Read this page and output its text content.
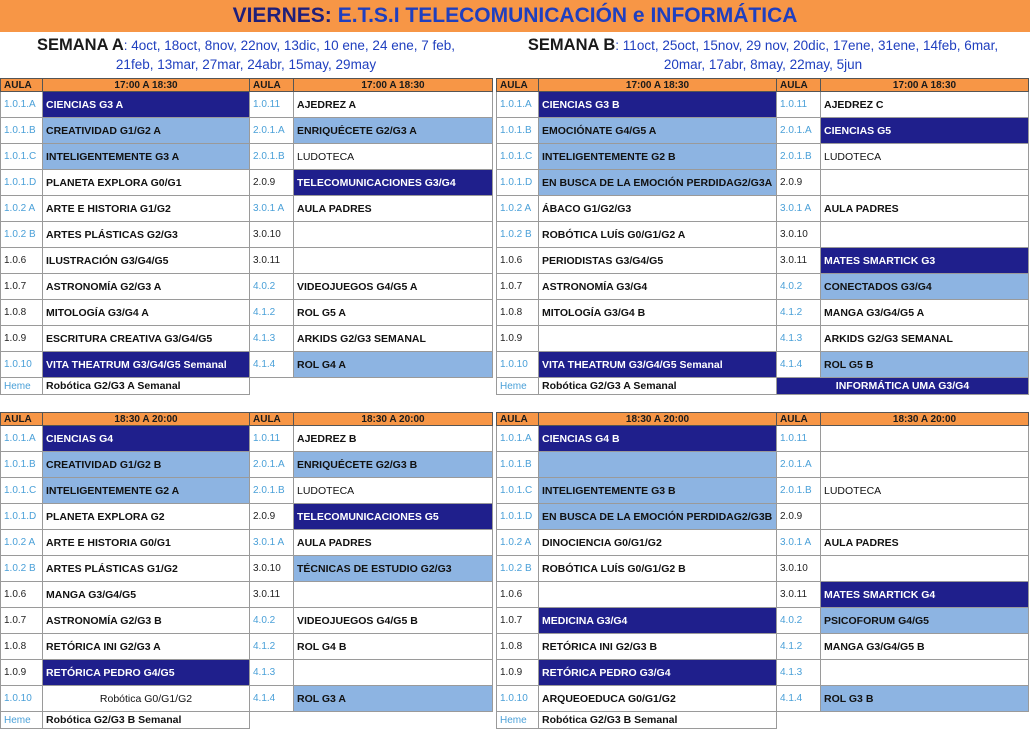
VIERNES: E.T.S.I TELECOMUNICACIÓN e INFORMÁTICA
SEMANA A: 4oct, 18oct, 8nov, 22nov, 13dic, 10 ene, 24 ene, 7 feb,
21feb, 13mar, 27mar, 24abr, 15may, 29may
SEMANA B: 11oct, 25oct, 15nov, 29 nov, 20dic, 17ene, 31ene, 14feb, 6mar,
20mar, 17abr, 8may, 22may, 5jun
AULA	17:00 A 18:30	AULA	17:00 A 18:30
1.0.1.A	CIENCIAS G3 A	1.0.11	AJEDREZ A
1.0.1.B	CREATIVIDAD G1/G2 A	2.0.1.A	ENRIQUÉCETE G2/G3 A
1.0.1.C	INTELIGENTEMENTE G3 A	2.0.1.B	LUDOTECA
1.0.1.D	PLANETA EXPLORA G0/G1	2.0.9	TELECOMUNICACIONES G3/G4
1.0.2 A	ARTE E HISTORIA G1/G2	3.0.1 A	AULA PADRES
1.0.2 B	ARTES PLÁSTICAS G2/G3	3.0.10	
1.0.6	ILUSTRACIÓN G3/G4/G5	3.0.11	
1.0.7	ASTRONOMÍA G2/G3 A	4.0.2	VIDEOJUEGOS G4/G5 A
1.0.8	MITOLOGÍA G3/G4 A	4.1.2	ROL G5 A
1.0.9	ESCRITURA CREATIVA G3/G4/G5	4.1.3	ARKIDS G2/G3 SEMANAL
1.0.10	VITA THEATRUM G3/G4/G5 Semanal	4.1.4	ROL G4 A
Heme	Robótica G2/G3 A Semanal		
AULA	17:00 A 18:30	AULA	17:00 A 18:30
1.0.1.A	CIENCIAS G3 B	1.0.11	AJEDREZ C
1.0.1.B	EMOCIÓNATE G4/G5 A	2.0.1.A	CIENCIAS G5
1.0.1.C	INTELIGENTEMENTE G2 B	2.0.1.B	LUDOTECA
1.0.1.D	EN BUSCA DE LA EMOCIÓN PERDIDAG2/G3A	2.0.9	
1.0.2 A	ÁBACO G1/G2/G3	3.0.1 A	AULA PADRES
1.0.2 B	ROBÓTICA LUÍS G0/G1/G2 A	3.0.10	
1.0.6	PERIODISTAS G3/G4/G5	3.0.11	MATES SMARTICK G3
1.0.7	ASTRONOMÍA G3/G4	4.0.2	CONECTADOS G3/G4
1.0.8	MITOLOGÍA G3/G4 B	4.1.2	MANGA G3/G4/G5 A
1.0.9		4.1.3	ARKIDS G2/G3 SEMANAL
1.0.10	VITA THEATRUM G3/G4/G5 Semanal	4.1.4	ROL G5 B
Heme	Robótica G2/G3 A Semanal	INFORMÁTICA UMA G3/G4	
AULA	18:30 A 20:00	AULA	18:30 A 20:00
1.0.1.A	CIENCIAS G4	1.0.11	AJEDREZ B
1.0.1.B	CREATIVIDAD G1/G2 B	2.0.1.A	ENRIQUÉCETE G2/G3 B
1.0.1.C	INTELIGENTEMENTE G2 A	2.0.1.B	LUDOTECA
1.0.1.D	PLANETA EXPLORA G2	2.0.9	TELECOMUNICACIONES G5
1.0.2 A	ARTE E HISTORIA G0/G1	3.0.1 A	AULA PADRES
1.0.2 B	ARTES PLÁSTICAS G1/G2	3.0.10	TÉCNICAS DE ESTUDIO G2/G3
1.0.6	MANGA G3/G4/G5	3.0.11	
1.0.7	ASTRONOMÍA G2/G3 B	4.0.2	VIDEOJUEGOS G4/G5 B
1.0.8	RETÓRICA INI G2/G3 A	4.1.2	ROL G4 B
1.0.9	RETÓRICA PEDRO G4/G5	4.1.3	
1.0.10	Robótica G0/G1/G2	4.1.4	ROL G3 A
Heme	Robótica G2/G3 B Semanal		
AULA	18:30 A 20:00	AULA	18:30 A 20:00
1.0.1.A	CIENCIAS G4 B	1.0.11	
1.0.1.B		2.0.1.A	
1.0.1.C	INTELIGENTEMENTE G3 B	2.0.1.B	LUDOTECA
1.0.1.D	EN BUSCA DE LA EMOCIÓN PERDIDAG2/G3B	2.0.9	
1.0.2 A	DINOCIENCIA G0/G1/G2	3.0.1 A	AULA PADRES
1.0.2 B	ROBÓTICA LUÍS G0/G1/G2 B	3.0.10	
1.0.6		3.0.11	MATES SMARTICK G4
1.0.7	MEDICINA G3/G4	4.0.2	PSICOFORUM G4/G5
1.0.8	RETÓRICA INI G2/G3 B	4.1.2	MANGA G3/G4/G5 B
1.0.9	RETÓRICA PEDRO G3/G4	4.1.3	
1.0.10	ARQUEOEDUCA G0/G1/G2	4.1.4	ROL G3 B
Heme	Robótica G2/G3 B Semanal		
